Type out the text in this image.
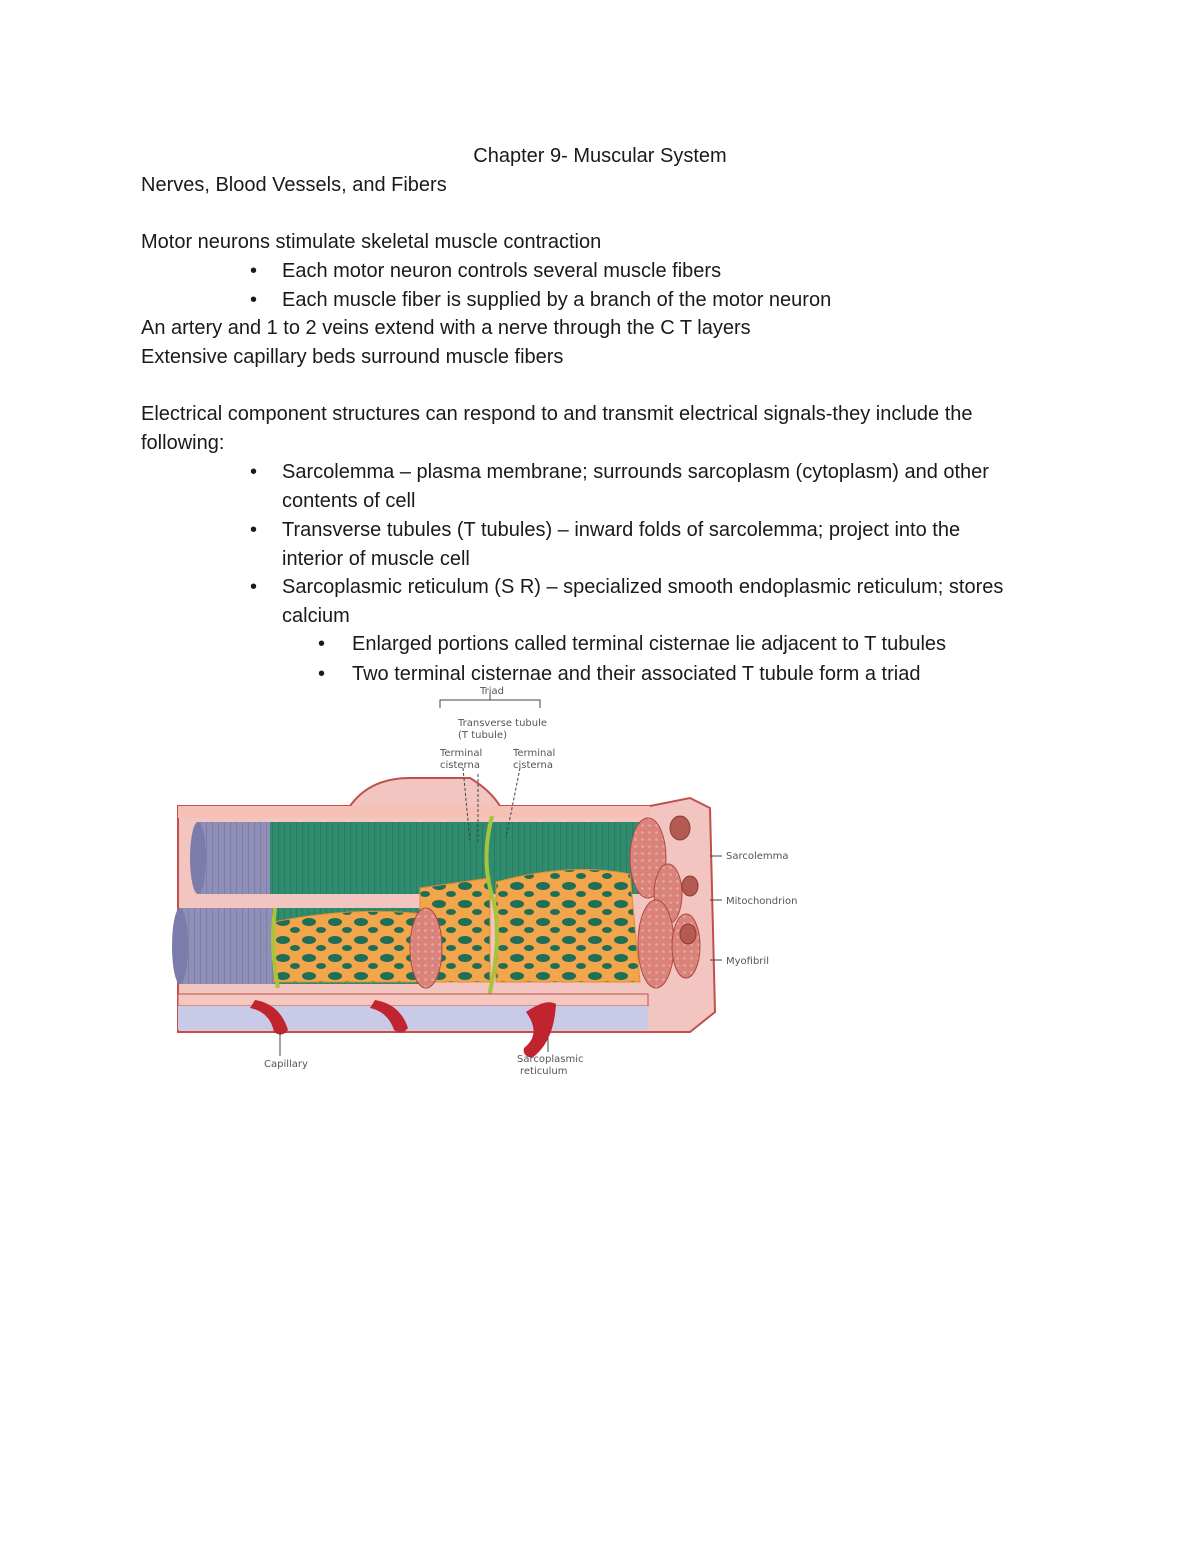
Chapter 9- Muscular System
Nerves, Blood Vessels, and Fibers
Motor neurons stimulate skeletal muscle contraction
• Each motor neuron controls several muscle fibers
• Each muscle fiber is supplied by a branch of the motor neuron
An artery and 1 to 2 veins extend with a nerve through the C T layers
Extensive capillary beds surround muscle fibers
Electrical component structures can respond to and transmit electrical signals-they include the
following:
• Sarcolemma – plasma membrane; surrounds sarcoplasm (cytoplasm) and other
contents of cell
• Transverse tubules (T tubules) – inward folds of sarcolemma; project into the
interior of muscle cell
• Sarcoplasmic reticulum (S R) – specialized smooth endoplasmic reticulum; stores
calcium
• Enlarged portions called terminal cisternae lie adjacent to T tubules
• Two terminal cisternae and their associated T tubule form a triad
Triad
Transverse tubule
(T tubule)
Terminal
cisterna
Terminal
cisterna
Sarcolemma
Mitochondrion
Myofibril
Capillary	Sarcoplasmic
reticulum
